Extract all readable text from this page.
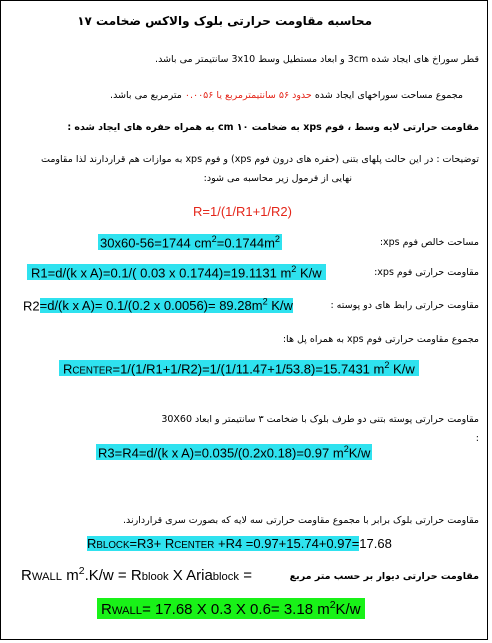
محاسبه مقاومت حرارتی بلوک والاکس ضخامت ۱۷
قطر سوراخ های ایجاد شده 3cm و ابعاد مستطیل وسط 3x10 سانتیمتر می باشد.
مجموع مساحت سوراخهای ایجاد شده حدود ۵۶ سانتیمترمربع یا ۰.۰۰۵۶ مترمربع می باشد.
مقاومت حرارتی لایه وسط ، فوم xps به ضخامت ۱۰ cm به همراه حفره های ایجاد شده :
توضیحات : در این حالت پلهای بتنی (حفره های درون فوم xps) و فوم xps به موازات هم قراردارند لذا مقاومت
نهایی از فرمول زیر محاسبه می شود:
R=1/(1/R1+1/R2)
30x60-56=1744 $cm^2=0.1744m^2$	مساحت خالص فوم xps:
R1=d/(k x A)=0.1/( 0.03 x 0.1744)=19.1131 $m^2$ K/w	مقاومت حرارتی فوم xps:
R2=d/(k x A)= 0.1/(0.2 x $0.0056)= 89.28m^2$ K/w	مقاومت حرارتی رابط های دو پوسته :
مجموع مقاومت حرارتی فوم xps به همراه پل ها:
RCENTER=1/(1/R1+1/R2)=1/(1/11.47+1/53.8)=15.7431 $m^2$ K/w
مقاومت حرارتی پوسته بتنی دو طرف بلوک با ضخامت ۳ سانتیمتر و ابعاد 30X60
:
R3=R4=d/(k x A)=0.035/(0.2x0.18)=0.97 $m^2K/w$
مقاومت حرارتی بلوک برابر با مجموع مقاومت حرارتی سه لایه که بصورت سری قراردارند.
RBLOCK=R3+ RCENTER +R4 =0.97+15.74+0.97=17.68
RWALL $m^2.K/w$ = Rblook X Ariablock =	مقاومت حرارتی دیوار بر حسب متر مربع
RWALL= 17.68 X 0.3 X 0.6= 3.18 $m^2K/w$
